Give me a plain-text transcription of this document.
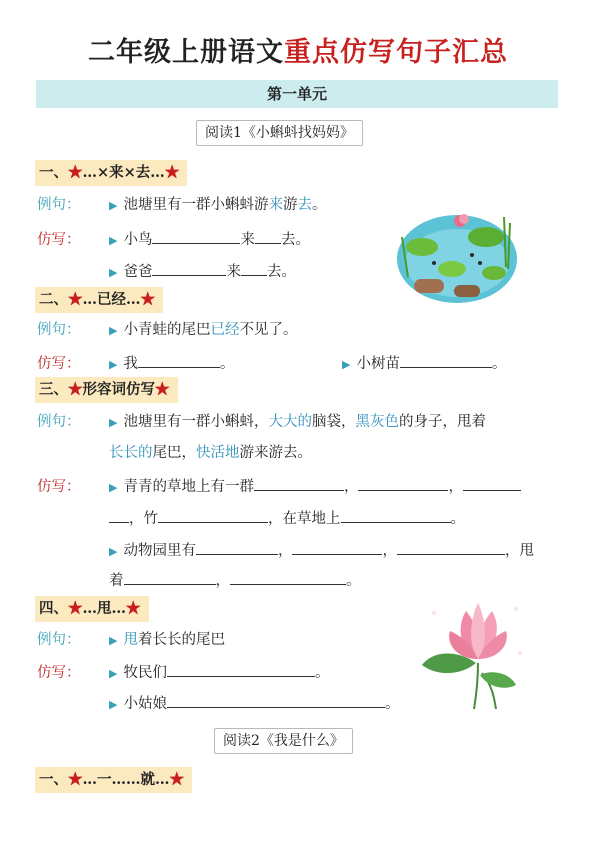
二年级上册语文重点仿写句子汇总
第一单元
阅读1《小蝌蚪找妈妈》
一、★…×来×去…★
例句：	▶ 池塘里有一群小蝌蚪游来游去。
仿写：	▶ 小鸟	来 去。
▶ 爸爸	来 去。
二、★…已经…★
例句：	▶ 小青蛙的尾巴已经不见了。
仿写：	▶ 我	。	▶ 小树苗	。
三、★形容词仿写★
例句：	▶ 池塘里有一群小蝌蚪，大大的脑袋，黑灰色的身子，甩着
长长的尾巴，快活地游来游去。
仿写：	▶ 青青的草地上有一群	，	，
，竹	，在草地上	。
▶ 动物园里有	，	，	，甩
着	，	。
四、★…甩…★
例句：	▶ 甩着长长的尾巴
仿写：	▶ 牧民们	。
▶ 小姑娘	。
阅读2《我是什么》
一、★…一……就…★
